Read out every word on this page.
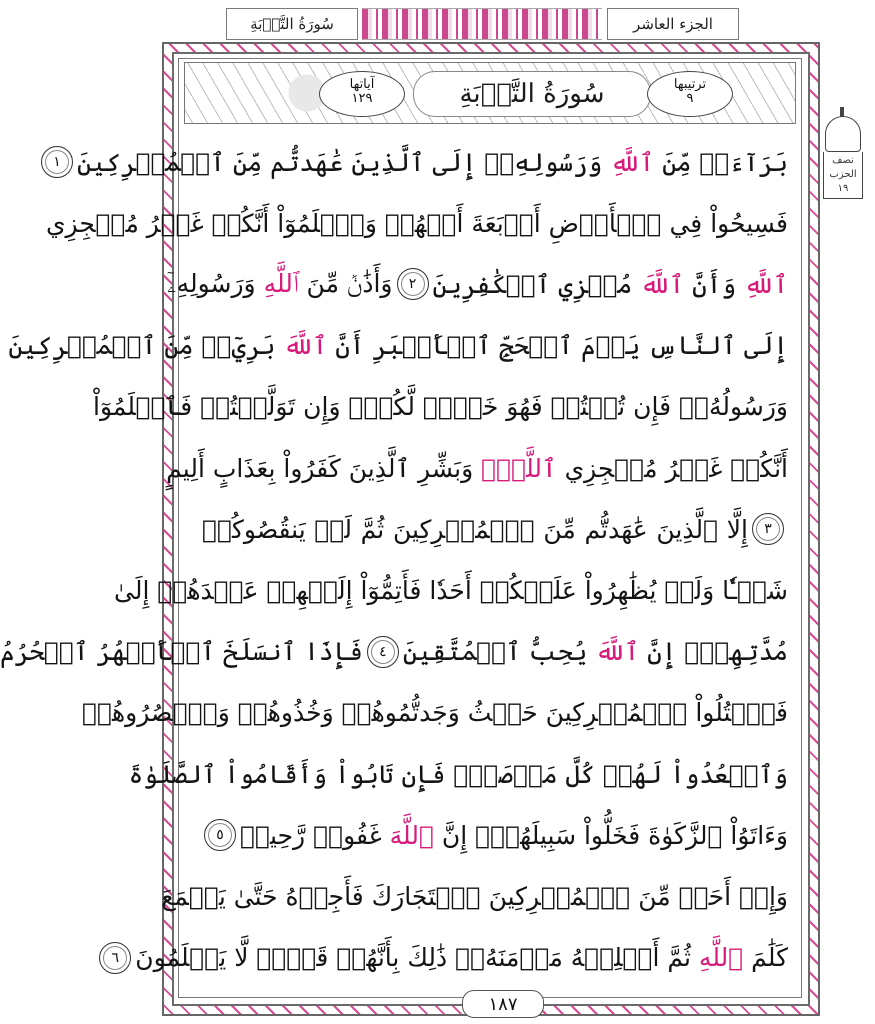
سُورَةُ التَّوۡبَةِ	الجزء العاشر
آياتها
١٢٩	سُورَةُ التَّوۡبَةِ	ترتيبها
٩
نصف
الحزب
١٩
بَرَآءَةٞ مِّنَ ٱللَّهِ وَرَسُولِهِۦٓ إِلَى ٱلَّذِينَ عَٰهَدتُّم مِّنَ ٱلۡمُشۡرِكِينَ
١
فَسِيحُواْ فِي ٱلۡأَرۡضِ أَرۡبَعَةَ أَشۡهُرٖ وَٱعۡلَمُوٓاْ أَنَّكُمۡ غَيۡرُ مُعۡجِزِي
ٱللَّهِ وَأَنَّ ٱللَّهَ مُخۡزِي ٱلۡكَٰفِرِينَ
٢
وَأَذَٰنٞ مِّنَ ٱللَّهِ وَرَسُولِهِۦٓ
إِلَى ٱلنَّاسِ يَوۡمَ ٱلۡحَجِّ ٱلۡأَكۡبَرِ أَنَّ ٱللَّهَ بَرِيٓءٞ مِّنَ ٱلۡمُشۡرِكِينَ
وَرَسُولُهُۥۚ فَإِن تُبۡتُمۡ فَهُوَ خَيۡرٞ لَّكُمۡۖ وَإِن تَوَلَّيۡتُمۡ فَٱعۡلَمُوٓاْ
أَنَّكُمۡ غَيۡرُ مُعۡجِزِي ٱللَّهِۗ وَبَشِّرِ ٱلَّذِينَ كَفَرُواْ بِعَذَابٍ أَلِيمٍ
٣
إِلَّا ٱلَّذِينَ عَٰهَدتُّم مِّنَ ٱلۡمُشۡرِكِينَ ثُمَّ لَمۡ يَنقُصُوكُمۡ
شَيۡـٔٗا وَلَمۡ يُظَٰهِرُواْ عَلَيۡكُمۡ أَحَدٗا فَأَتِمُّوٓاْ إِلَيۡهِمۡ عَهۡدَهُمۡ إِلَىٰ
مُدَّتِهِمۡۚ إِنَّ ٱللَّهَ يُحِبُّ ٱلۡمُتَّقِينَ
٤
فَإِذَا ٱنسَلَخَ ٱلۡأَشۡهُرُ ٱلۡحُرُمُ
فَٱقۡتُلُواْ ٱلۡمُشۡرِكِينَ حَيۡثُ وَجَدتُّمُوهُمۡ وَخُذُوهُمۡ وَٱحۡصُرُوهُمۡ
وَٱقۡعُدُواْ لَهُمۡ كُلَّ مَرۡصَدٖۚ فَإِن تَابُواْ وَأَقَامُواْ ٱلصَّلَوٰةَ
وَءَاتَوُاْ ٱلزَّكَوٰةَ فَخَلُّواْ سَبِيلَهُمۡۚ إِنَّ ٱللَّهَ غَفُورٞ رَّحِيمٞ
٥
وَإِنۡ أَحَدٞ مِّنَ ٱلۡمُشۡرِكِينَ ٱسۡتَجَارَكَ فَأَجِرۡهُ حَتَّىٰ يَسۡمَعَ
كَلَٰمَ ٱللَّهِ ثُمَّ أَبۡلِغۡهُ مَأۡمَنَهُۥۚ ذَٰلِكَ بِأَنَّهُمۡ قَوۡمٞ لَّا يَعۡلَمُونَ
٦
١٨٧
